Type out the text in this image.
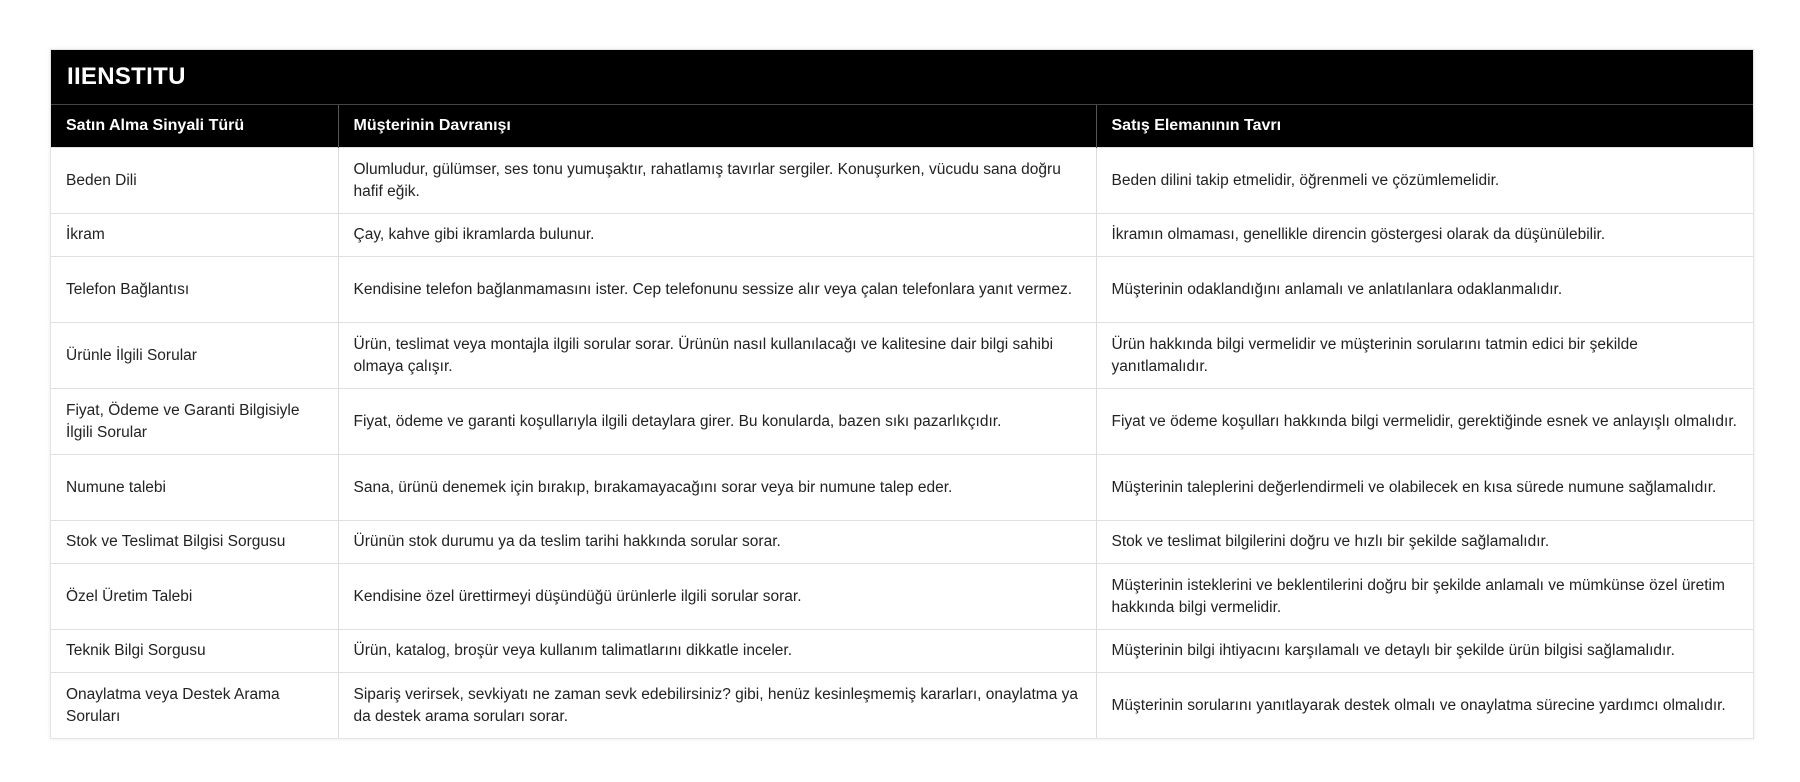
IIENSTITU
Satın Alma Sinyali Türü	Müşterinin Davranışı	Satış Elemanının Tavrı
Beden Dili	Olumludur, gülümser, ses tonu yumuşaktır, rahatlamış tavırlar sergiler. Konuşurken, vücudu sana doğru hafif eğik.	Beden dilini takip etmelidir, öğrenmeli ve çözümlemelidir.
İkram	Çay, kahve gibi ikramlarda bulunur.	İkramın olmaması, genellikle direncin göstergesi olarak da düşünülebilir.
Telefon Bağlantısı	Kendisine telefon bağlanmamasını ister. Cep telefonunu sessize alır veya çalan telefonlara yanıt vermez.	Müşterinin odaklandığını anlamalı ve anlatılanlara odaklanmalıdır.
Ürünle İlgili Sorular	Ürün, teslimat veya montajla ilgili sorular sorar. Ürünün nasıl kullanılacağı ve kalitesine dair bilgi sahibi olmaya çalışır.	Ürün hakkında bilgi vermelidir ve müşterinin sorularını tatmin edici bir şekilde yanıtlamalıdır.
Fiyat, Ödeme ve Garanti Bilgisiyle İlgili Sorular	Fiyat, ödeme ve garanti koşullarıyla ilgili detaylara girer. Bu konularda, bazen sıkı pazarlıkçıdır.	Fiyat ve ödeme koşulları hakkında bilgi vermelidir, gerektiğinde esnek ve anlayışlı olmalıdır.
Numune talebi	Sana, ürünü denemek için bırakıp, bırakamayacağını sorar veya bir numune talep eder.	Müşterinin taleplerini değerlendirmeli ve olabilecek en kısa sürede numune sağlamalıdır.
Stok ve Teslimat Bilgisi Sorgusu	Ürünün stok durumu ya da teslim tarihi hakkında sorular sorar.	Stok ve teslimat bilgilerini doğru ve hızlı bir şekilde sağlamalıdır.
Özel Üretim Talebi	Kendisine özel ürettirmeyi düşündüğü ürünlerle ilgili sorular sorar.	Müşterinin isteklerini ve beklentilerini doğru bir şekilde anlamalı ve mümkünse özel üretim hakkında bilgi vermelidir.
Teknik Bilgi Sorgusu	Ürün, katalog, broşür veya kullanım talimatlarını dikkatle inceler.	Müşterinin bilgi ihtiyacını karşılamalı ve detaylı bir şekilde ürün bilgisi sağlamalıdır.
Onaylatma veya Destek Arama Soruları	Sipariş verirsek, sevkiyatı ne zaman sevk edebilirsiniz? gibi, henüz kesinleşmemiş kararları, onaylatma ya da destek arama soruları sorar.	Müşterinin sorularını yanıtlayarak destek olmalı ve onaylatma sürecine yardımcı olmalıdır.
